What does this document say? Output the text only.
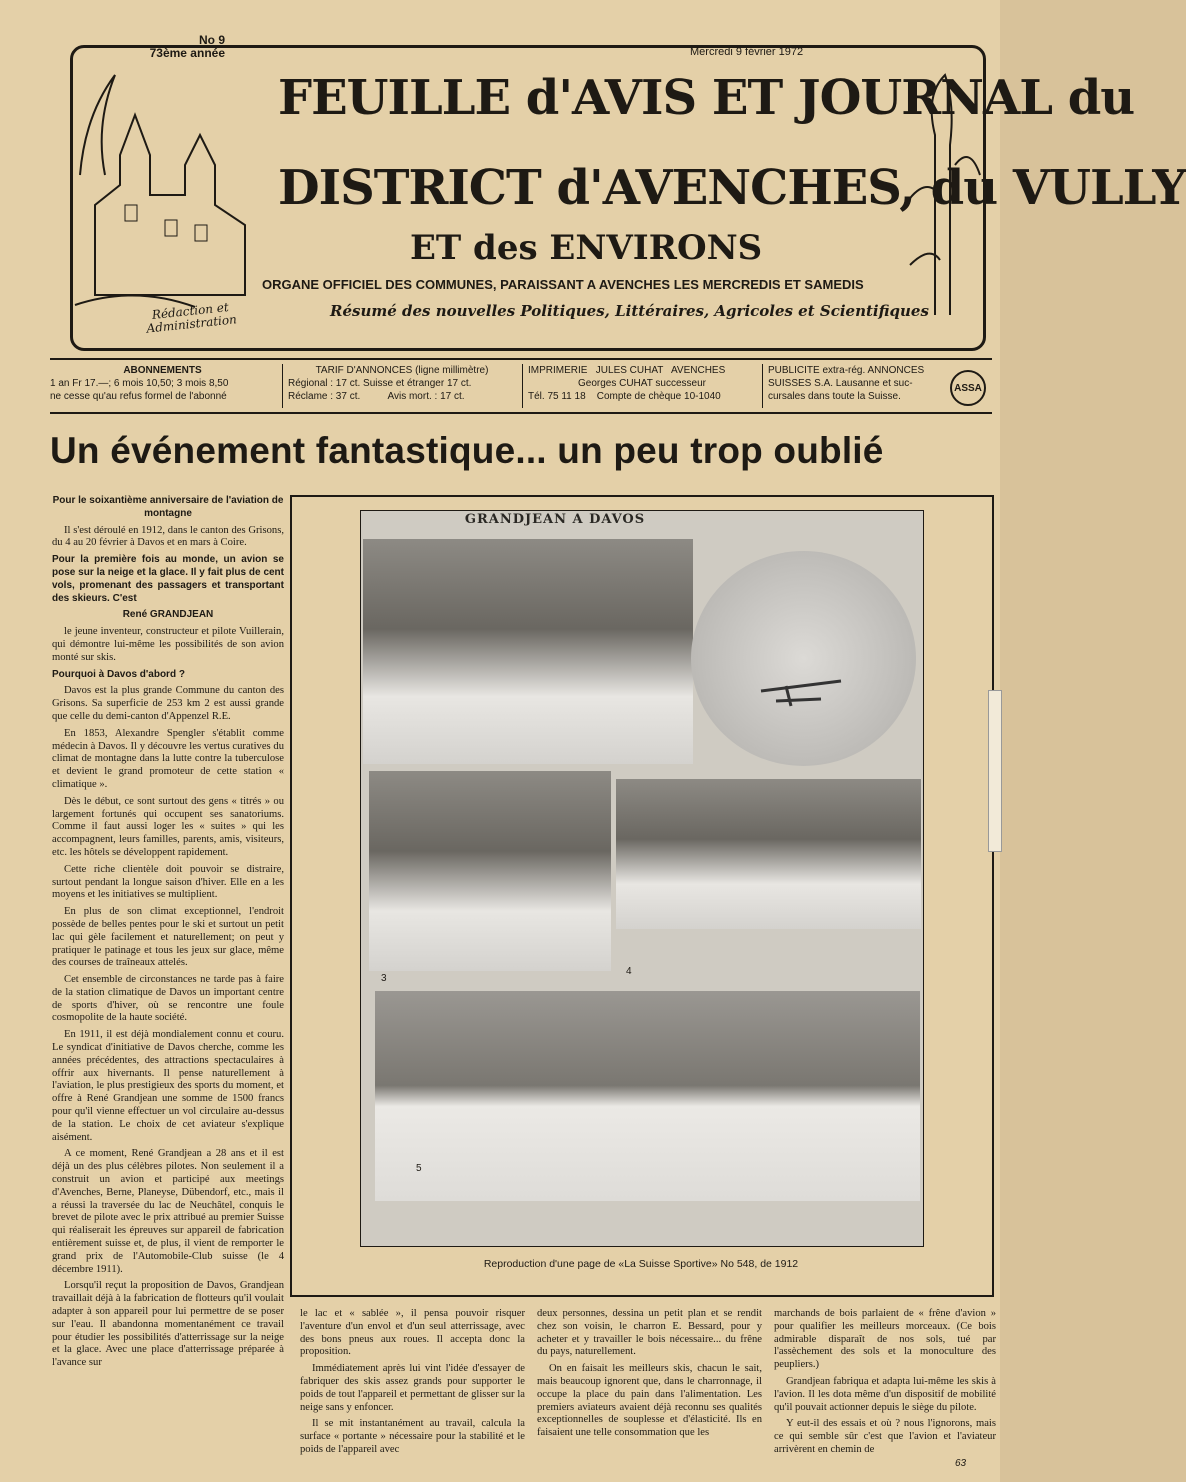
No 9
73ème année	Mercredi 9 février 1972
FEUILLE d'AVIS ET JOURNAL du
DISTRICT d'AVENCHES, du VULLY
ET des ENVIRONS
ORGANE OFFICIEL DES COMMUNES, PARAISSANT A AVENCHES LES MERCREDIS ET SAMEDIS
Résumé des nouvelles Politiques, Littéraires, Agricoles et Scientifiques
Rédaction et Administration
ABONNEMENTS
1 an Fr 17.—; 6 mois 10,50; 3 mois 8,50
ne cesse qu'au refus formel de l'abonné
TARIF D'ANNONCES (ligne millimètre)
Régional : 17 ct. Suisse et étranger 17 ct.
Réclame : 37 ct.          Avis mort. : 17 ct.
IMPRIMERIE   JULES CUHAT   AVENCHES
Georges CUHAT successeur
Tél. 75 11 18    Compte de chèque 10-1040
PUBLICITE extra-rég. ANNONCES
SUISSES S.A. Lausanne et suc-
cursales dans toute la Suisse.
ASSA
Un événement fantastique... un peu trop oublié

Pour le soixantième anniversaire de l'aviation de montagne

Il s'est déroulé en 1912, dans le canton des Grisons, du 4 au 20 février à Davos et en mars à Coire.

Pour la première fois au monde, un avion se pose sur la neige et la glace. Il y fait plus de cent vols, promenant des passagers et transportant des skieurs. C'est

René GRANDJEAN

le jeune inventeur, constructeur et pilote Vuillerain, qui démontre lui-même les possibilités de son avion monté sur skis.

Pourquoi à Davos d'abord ?

Davos est la plus grande Commune du canton des Grisons. Sa superficie de 253 km 2 est aussi grande que celle du demi-canton d'Appenzel R.E.

En 1853, Alexandre Spengler s'établit comme médecin à Davos. Il y découvre les vertus curatives du climat de montagne dans la lutte contre la tuberculose et devient le grand promoteur de cette station « climatique ».

Dès le début, ce sont surtout des gens « titrés » ou largement fortunés qui occupent ses sanatoriums. Comme il faut aussi loger les « suites » qui les accompagnent, leurs familles, parents, amis, visiteurs, etc. les hôtels se développent rapidement.

Cette riche clientèle doit pouvoir se distraire, surtout pendant la longue saison d'hiver. Elle en a les moyens et les initiatives se multiplient.

En plus de son climat exceptionnel, l'endroit possède de belles pentes pour le ski et surtout un petit lac qui gèle facilement et naturellement; on peut y pratiquer le patinage et tous les jeux sur glace, même des courses de traîneaux attelés.

Cet ensemble de circonstances ne tarde pas à faire de la station climatique de Davos un important centre de sports d'hiver, où se rencontre une foule cosmopolite de la haute société.

En 1911, il est déjà mondialement connu et couru. Le syndicat d'initiative de Davos cherche, comme les années précédentes, des attractions spectaculaires à offrir aux hivernants. Il pense naturellement à l'aviation, le plus prestigieux des sports du moment, et offre à René Grandjean une somme de 1500 francs pour qu'il vienne effectuer un vol circulaire au-dessus de la station. Le choix de cet aviateur s'explique aisément.

A ce moment, René Grandjean a 28 ans et il est déjà un des plus célèbres pilotes. Non seulement il a construit un avion et participé aux meetings d'Avenches, Berne, Planeyse, Dübendorf, etc., mais il a réussi la traversée du lac de Neuchâtel, conquis le brevet de pilote avec le prix attribué au premier Suisse qui réaliserait les épreuves sur appareil de fabrication entièrement suisse et, de plus, il vient de remporter le grand prix de l'Automobile-Club suisse (le 4 décembre 1911).

Lorsqu'il reçut la proposition de Davos, Grandjean travaillait déjà à la fabrication de flotteurs qu'il voulait adapter à son appareil pour lui permettre de se poser sur l'eau. Il abandonna momentanément ce travail pour étudier les possibilités d'atterrissage sur la neige et la glace. Avec une place d'atterrissage préparée à l'avance sur

3
4
5
GRANDJEAN A DAVOS
Reproduction d'une page de «La Suisse Sportive» No 548, de 1912

le lac et « sablée », il pensa pouvoir risquer l'aventure d'un envol et d'un seul atterrissage, avec des bons pneus aux roues. Il accepta donc la proposition.

Immédiatement après lui vint l'idée d'essayer de fabriquer des skis assez grands pour supporter le poids de tout l'appareil et permettant de glisser sur la neige sans y enfoncer.

Il se mit instantanément au travail, calcula la surface « portante » nécessaire pour la stabilité et le poids de l'appareil avec

deux personnes, dessina un petit plan et se rendit chez son voisin, le charron E. Bessard, pour y acheter et y travailler le bois nécessaire... du frêne du pays, naturellement.

On en faisait les meilleurs skis, chacun le sait, mais beaucoup ignorent que, dans le charronnage, il occupe la place du pain dans l'alimentation. Les premiers aviateurs avaient déjà reconnu ses qualités exceptionnelles de souplesse et d'élasticité. Ils en faisaient une telle consommation que les

marchands de bois parlaient de « frêne d'avion » pour qualifier les meilleurs morceaux. (Ce bois admirable disparaît de nos sols, tué par l'assèchement des sols et la monoculture des peupliers.)

Grandjean fabriqua et adapta lui-même les skis à l'avion. Il les dota même d'un dispositif de mobilité qu'il pouvait actionner depuis le siège du pilote.

Y eut-il des essais et où ? nous l'ignorons, mais ce qui semble sûr c'est que l'avion et l'aviateur arrivèrent en chemin de

63
